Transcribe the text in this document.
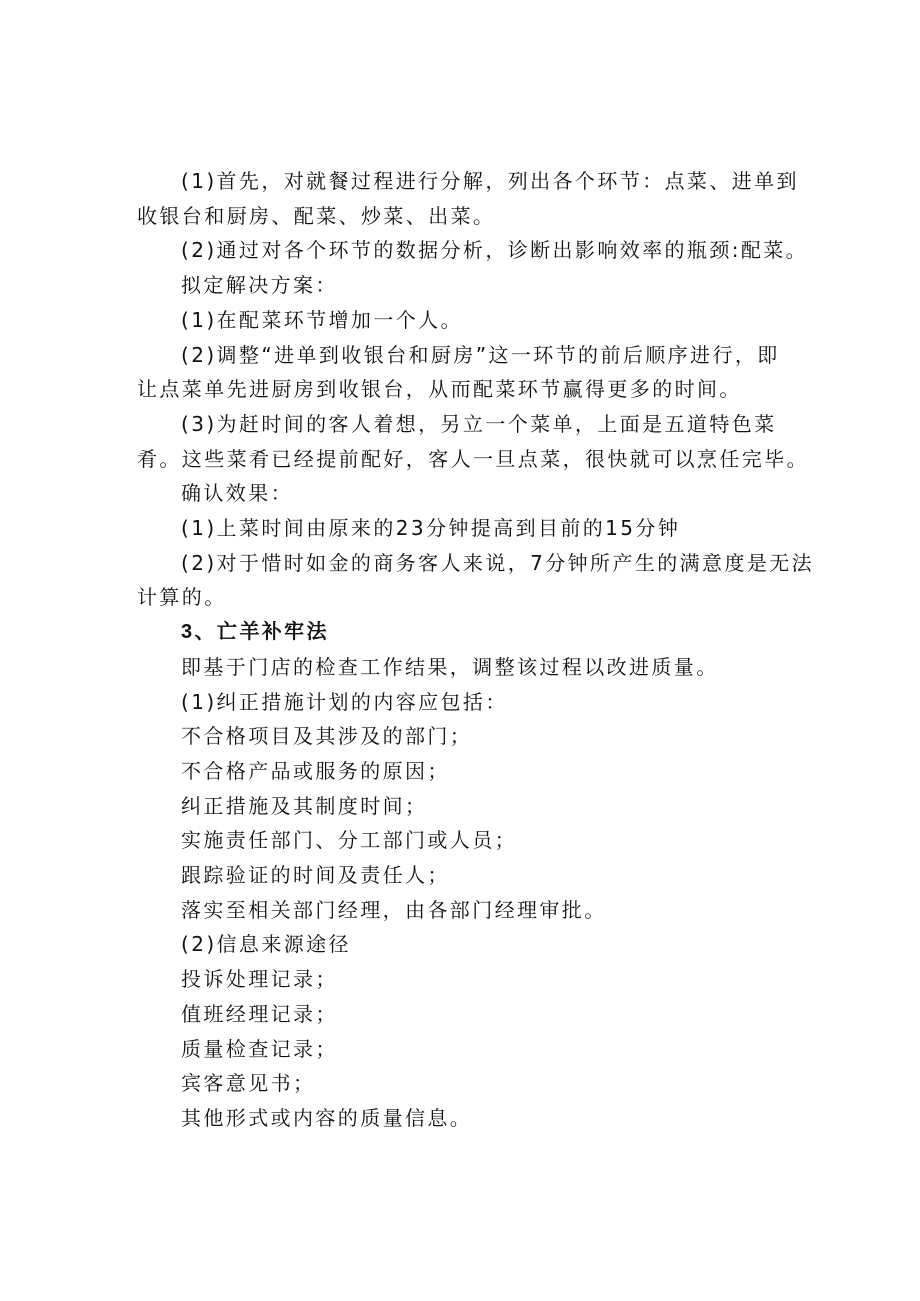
(1)首先，对就餐过程进行分解，列出各个环节：点菜、进单到

收银台和厨房、配菜、炒菜、出菜。

(2)通过对各个环节的数据分析，诊断出影响效率的瓶颈:配菜。

拟定解决方案：

(1)在配菜环节增加一个人。

(2)调整“进单到收银台和厨房”这一环节的前后顺序进行，即

让点菜单先进厨房到收银台，从而配菜环节赢得更多的时间。

(3)为赶时间的客人着想，另立一个菜单，上面是五道特色菜

肴。这些菜肴已经提前配好，客人一旦点菜，很快就可以烹任完毕。

确认效果：

(1)上菜时间由原来的23分钟提高到目前的15分钟

(2)对于惜时如金的商务客人来说，7分钟所产生的满意度是无法

计算的。

3、亡羊补牢法

即基于门店的检查工作结果，调整该过程以改进质量。

(1)纠正措施计划的内容应包括：

不合格项目及其涉及的部门；

不合格产品或服务的原因；

纠正措施及其制度时间；

实施责任部门、分工部门或人员；

跟踪验证的时间及责任人；

落实至相关部门经理，由各部门经理审批。

(2)信息来源途径

投诉处理记录；

值班经理记录；

质量检查记录；

宾客意见书；

其他形式或内容的质量信息。
